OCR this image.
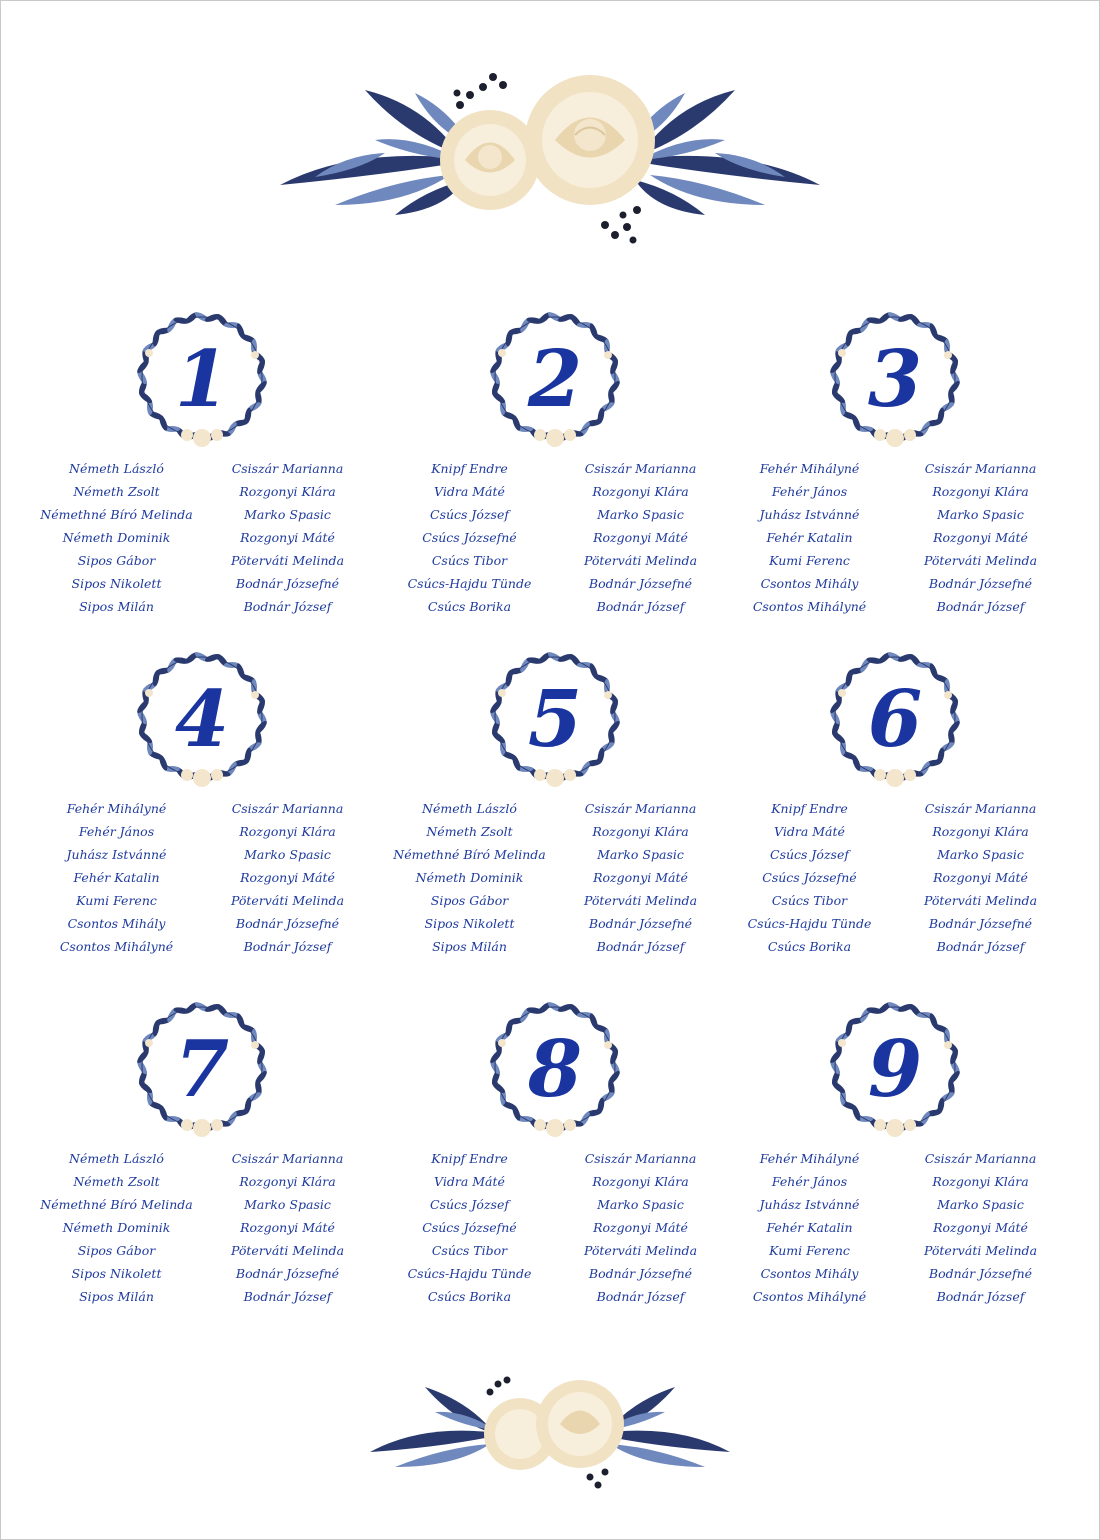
1
Németh László
Németh Zsolt
Némethné Bíró Melinda
Németh Dominik
Sipos Gábor
Sipos Nikolett
Sipos Milán
Csiszár Marianna
Rozgonyi Klára
Marko Spasic
Rozgonyi Máté
Pöterváti Melinda
Bodnár Józsefné
Bodnár József
2
Knipf Endre
Vidra Máté
Csúcs József
Csúcs Józsefné
Csúcs Tibor
Csúcs-Hajdu Tünde
Csúcs Borika
Csiszár Marianna
Rozgonyi Klára
Marko Spasic
Rozgonyi Máté
Pöterváti Melinda
Bodnár Józsefné
Bodnár József
3
Fehér Mihályné
Fehér János
Juhász Istvánné
Fehér Katalin
Kumi Ferenc
Csontos Mihály
Csontos Mihályné
Csiszár Marianna
Rozgonyi Klára
Marko Spasic
Rozgonyi Máté
Pöterváti Melinda
Bodnár Józsefné
Bodnár József
4
Fehér Mihályné
Fehér János
Juhász Istvánné
Fehér Katalin
Kumi Ferenc
Csontos Mihály
Csontos Mihályné
Csiszár Marianna
Rozgonyi Klára
Marko Spasic
Rozgonyi Máté
Pöterváti Melinda
Bodnár Józsefné
Bodnár József
5
Németh László
Németh Zsolt
Némethné Bíró Melinda
Németh Dominik
Sipos Gábor
Sipos Nikolett
Sipos Milán
Csiszár Marianna
Rozgonyi Klára
Marko Spasic
Rozgonyi Máté
Pöterváti Melinda
Bodnár Józsefné
Bodnár József
6
Knipf Endre
Vidra Máté
Csúcs József
Csúcs Józsefné
Csúcs Tibor
Csúcs-Hajdu Tünde
Csúcs Borika
Csiszár Marianna
Rozgonyi Klára
Marko Spasic
Rozgonyi Máté
Pöterváti Melinda
Bodnár Józsefné
Bodnár József
7
Németh László
Németh Zsolt
Némethné Bíró Melinda
Németh Dominik
Sipos Gábor
Sipos Nikolett
Sipos Milán
Csiszár Marianna
Rozgonyi Klára
Marko Spasic
Rozgonyi Máté
Pöterváti Melinda
Bodnár Józsefné
Bodnár József
8
Knipf Endre
Vidra Máté
Csúcs József
Csúcs Józsefné
Csúcs Tibor
Csúcs-Hajdu Tünde
Csúcs Borika
Csiszár Marianna
Rozgonyi Klára
Marko Spasic
Rozgonyi Máté
Pöterváti Melinda
Bodnár Józsefné
Bodnár József
9
Fehér Mihályné
Fehér János
Juhász Istvánné
Fehér Katalin
Kumi Ferenc
Csontos Mihály
Csontos Mihályné
Csiszár Marianna
Rozgonyi Klára
Marko Spasic
Rozgonyi Máté
Pöterváti Melinda
Bodnár Józsefné
Bodnár József
